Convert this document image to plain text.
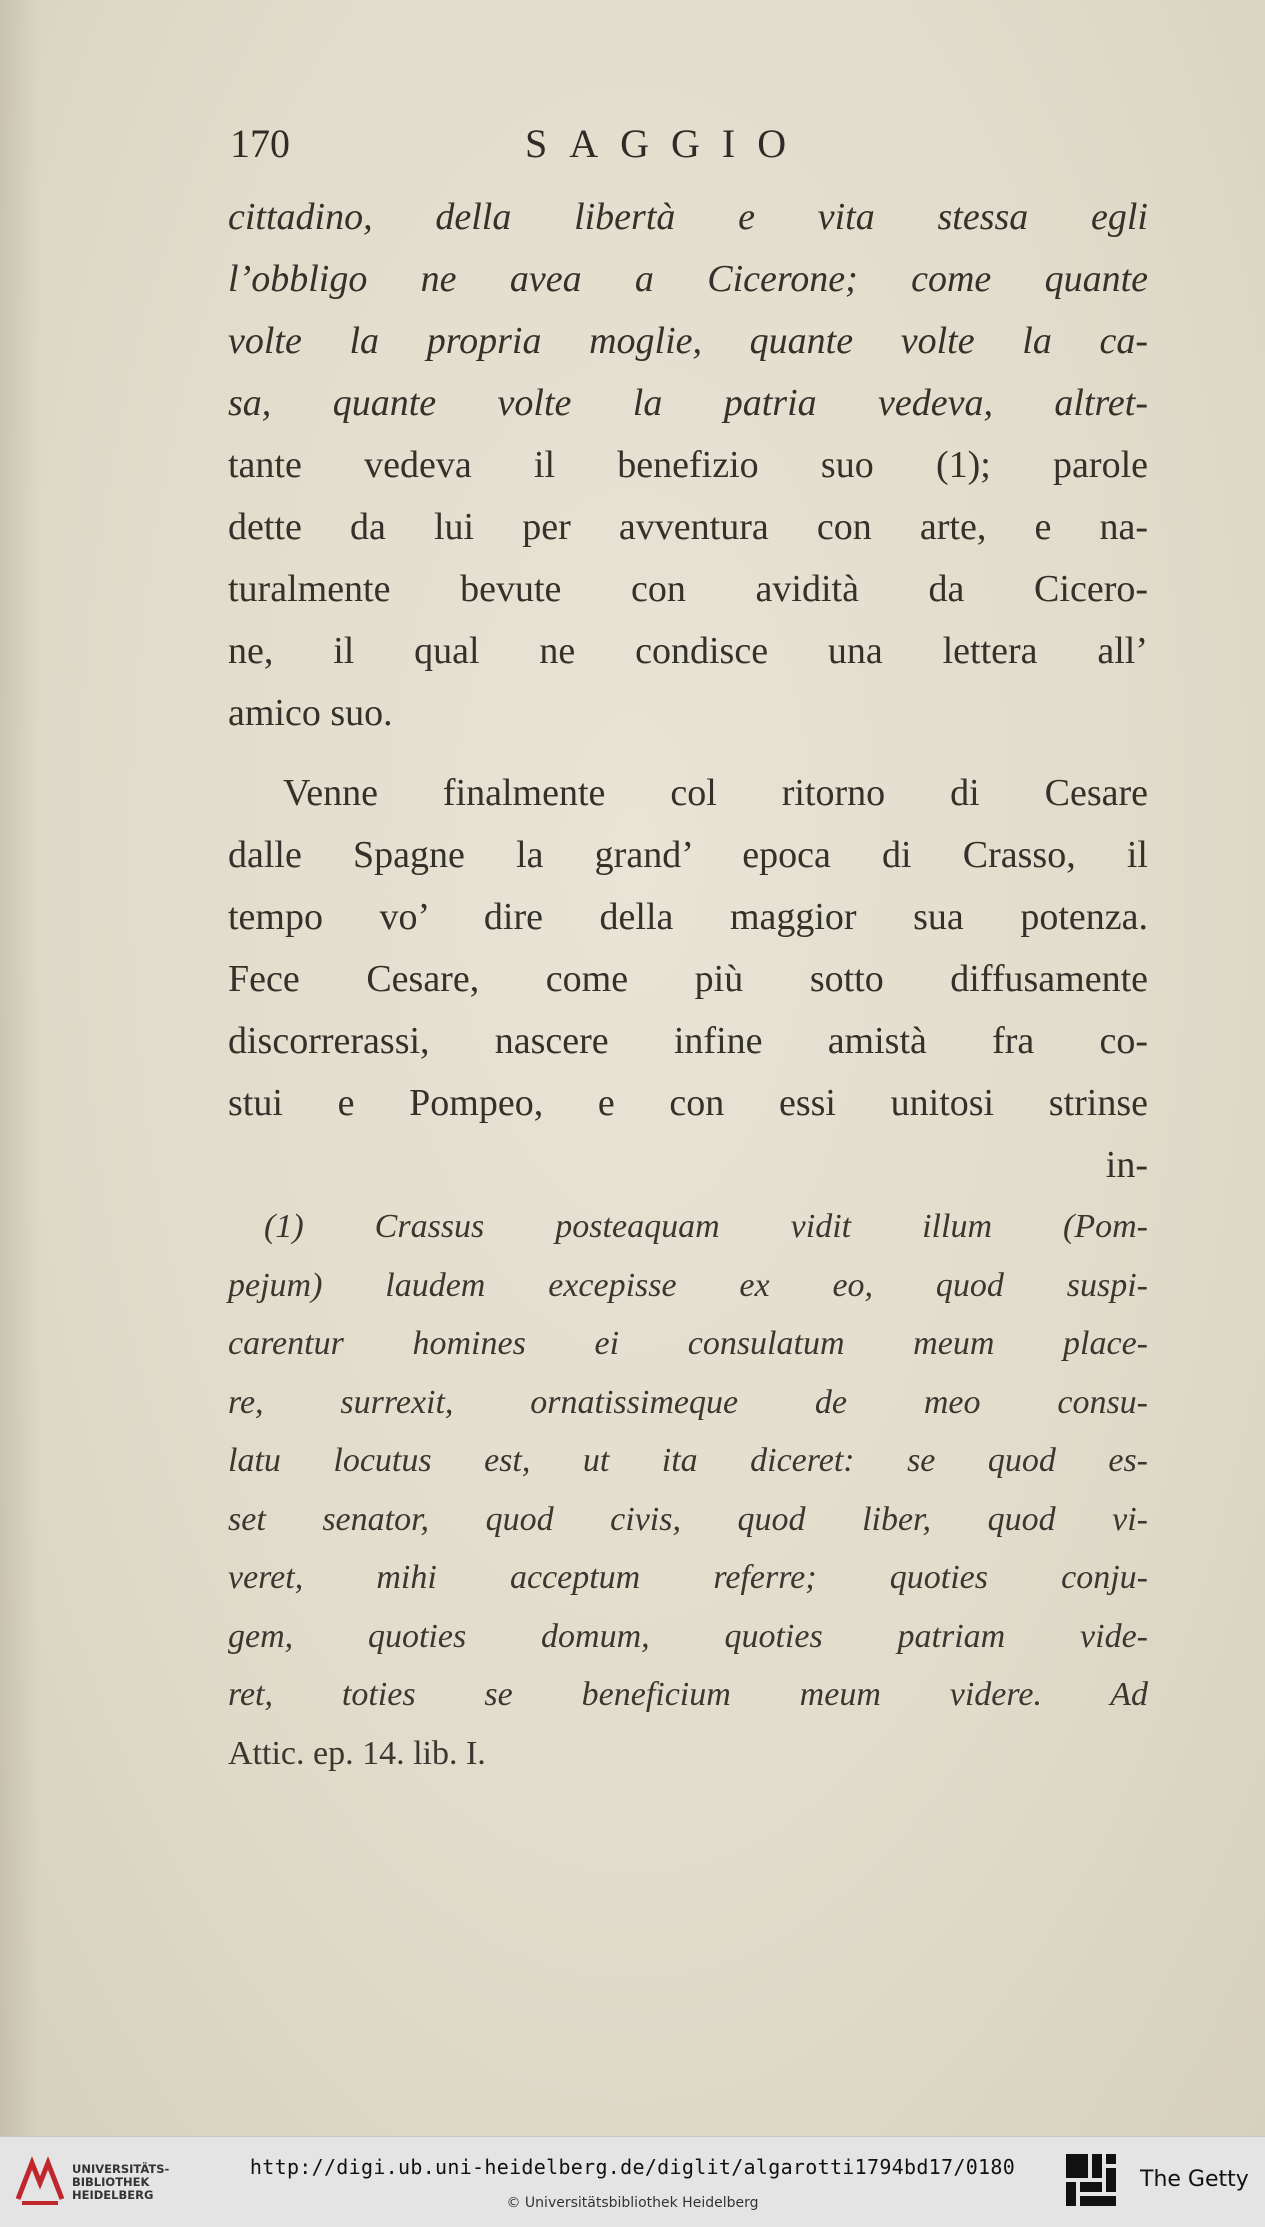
170	SAGGIO
cittadino, della libertà e vita stessa egli
l’obbligo ne avea a Cicerone; come quante
volte la propria moglie, quante volte la ca-
sa, quante volte la patria vedeva, altret-
tante vedeva il benefizio suo (1); parole
dette da lui per avventura con arte, e na-
turalmente bevute con avidità da Cicero-
ne, il qual ne condisce una lettera all’
amico suo.
Venne finalmente col ritorno di Cesare
dalle Spagne la grand’ epoca di Crasso, il
tempo vo’ dire della maggior sua potenza.
Fece Cesare, come più sotto diffusamente
discorrerassi, nascere infine amistà fra co-
stui e Pompeo, e con essi unitosi strinse
in-
(1) Crassus posteaquam vidit illum (Pom-
pejum) laudem excepisse ex eo, quod suspi-
carentur homines ei consulatum meum place-
re, surrexit, ornatissimeque de meo consu-
latu locutus est, ut ita diceret: se quod es-
set senator, quod civis, quod liber, quod vi-
veret, mihi acceptum referre; quoties conju-
gem, quoties domum, quoties patriam vide-
ret, toties se beneficium meum videre. Ad
Attic. ep. 14. lib. I.
UNIVERSITÄTS-
BIBLIOTHEK
HEIDELBERG
http://digi.ub.uni-heidelberg.de/diglit/algarotti1794bd17/0180
© Universitätsbibliothek Heidelberg
The Getty
